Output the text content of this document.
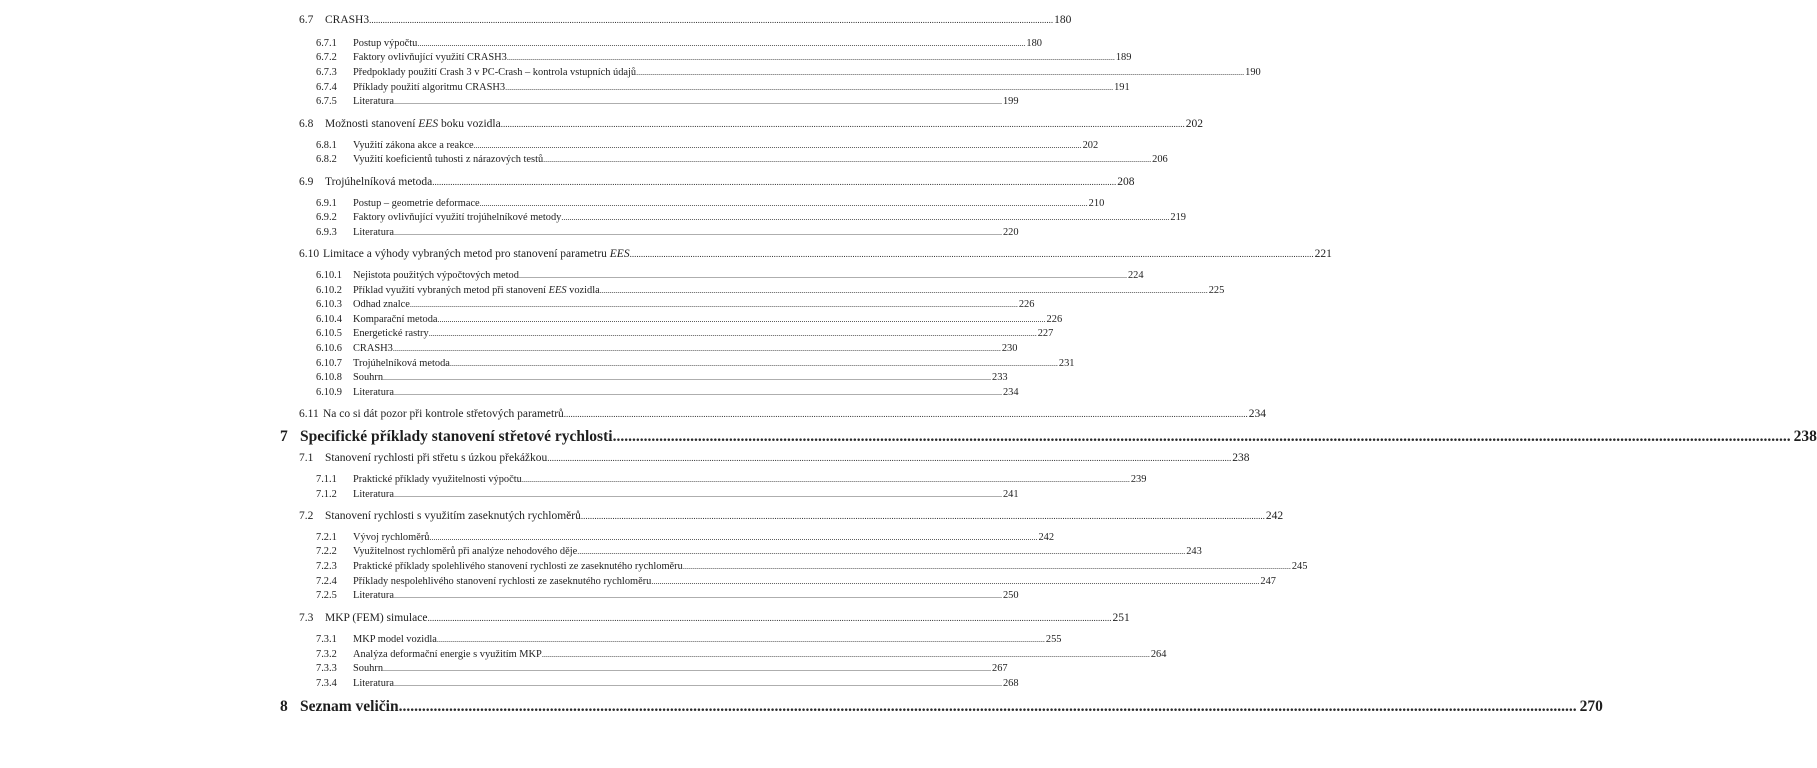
6.7	CRASH3 .....	180
6.7.1	Postup výpočtu .....	180
6.7.2	Faktory ovlivňující využití CRASH3 .....	189
6.7.3	Předpoklady použití Crash 3 v PC-Crash – kontrola vstupních údajů .....	190
6.7.4	Příklady použití algoritmu CRASH3 .....	191
6.7.5	Literatura .....	199
6.8	Možnosti stanovení EES boku vozidla .....	202
6.8.1	Využití zákona akce a reakce .....	202
6.8.2	Využití koeficientů tuhosti z nárazových testů .....	206
6.9	Trojúhelníková metoda .....	208
6.9.1	Postup – geometrie deformace .....	210
6.9.2	Faktory ovlivňující využití trojúhelníkové metody .....	219
6.9.3	Literatura .....	220
6.10 Limitace a výhody vybraných metod pro stanovení parametru EES .....	221
6.10.1	Nejistota použitých výpočtových metod .....	224
6.10.2	Příklad využití vybraných metod při stanovení EES vozidla .....	225
6.10.3	Odhad znalce .....	226
6.10.4	Komparační metoda .....	226
6.10.5	Energetické rastry .....	227
6.10.6	CRASH3 .....	230
6.10.7	Trojúhelníková metoda .....	231
6.10.8	Souhrn .....	233
6.10.9	Literatura .....	234
6.11 Na co si dát pozor při kontrole střetových parametrů .....	234
7 Specifické příklady stanovení střetové rychlosti .....	238
7.1	Stanovení rychlosti při střetu s úzkou překážkou .....	238
7.1.1	Praktické příklady využitelnosti výpočtu .....	239
7.1.2	Literatura .....	241
7.2	Stanovení rychlosti s využitím zaseknutých rychloměrů .....	242
7.2.1	Vývoj rychloměrů .....	242
7.2.2	Využitelnost rychloměrů při analýze nehodového děje .....	243
7.2.3	Praktické příklady spolehlivého stanovení rychlosti ze zaseknutého rychloměru .....	245
7.2.4	Příklady nespolehlivého stanovení rychlosti ze zaseknutého rychloměru .....	247
7.2.5	Literatura .....	250
7.3	MKP (FEM) simulace .....	251
7.3.1	MKP model vozidla .....	255
7.3.2	Analýza deformační energie s využitím MKP .....	264
7.3.3	Souhrn .....	267
7.3.4	Literatura .....	268
8 Seznam veličin .....	270
